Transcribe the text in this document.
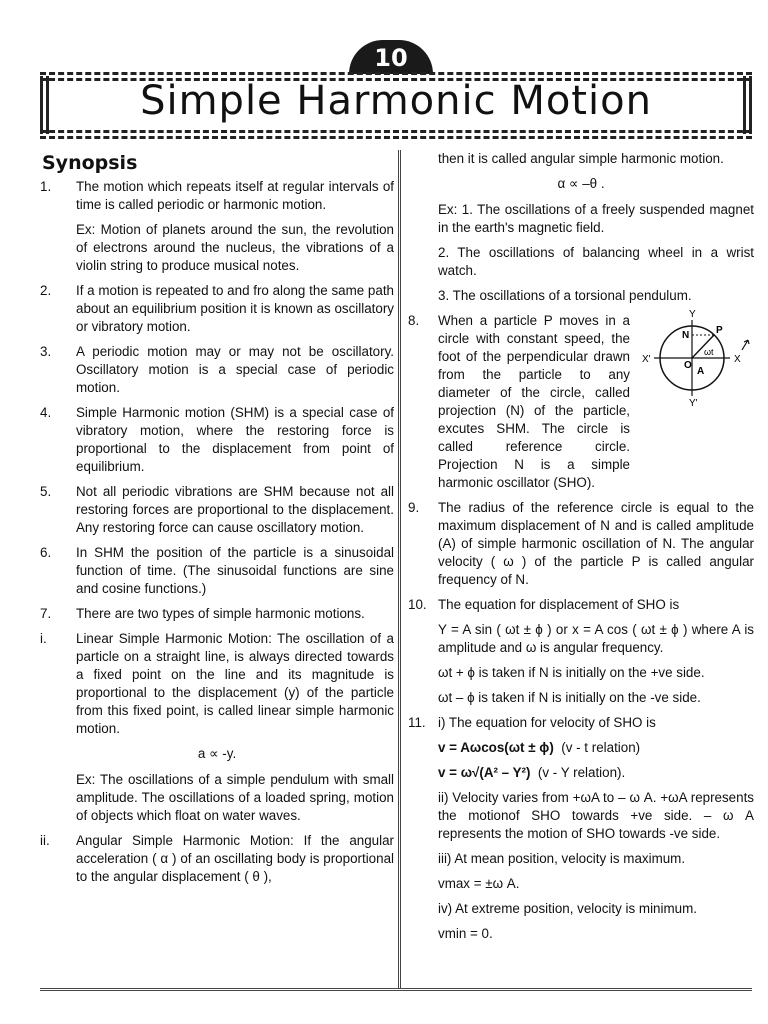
10
Simple Harmonic Motion
Synopsis
1.	The motion which repeats itself at regular intervals of time is called periodic or harmonic motion.
Ex: Motion of planets around the sun, the revolution of electrons around the nucleus, the vibrations of a violin string to produce musical notes.
2.	If a motion is repeated to and fro along the same path about an equilibrium position it is known as oscillatory or vibratory motion.
3.	A periodic motion may or may not be oscillatory. Oscillatory motion is a special case of periodic motion.
4.	Simple Harmonic motion (SHM) is a special case of vibratory motion, where the restoring force is proportional to the displacement from point of equilibrium.
5.	Not all periodic vibrations are SHM because not all restoring forces are proportional to the displacement. Any restoring force can cause oscillatory motion.
6.	In SHM the position of the particle is a sinusoidal function of time. (The sinusoidal functions are sine and cosine functions.)
7.	There are two types of simple harmonic motions.
i.	Linear Simple Harmonic Motion: The oscillation of a particle on a straight line, is always directed towards a fixed point on the line and its magnitude is proportional to the displacement (y) of the particle from this fixed point, is called linear simple harmonic motion.
a ∝ -y.
Ex: The oscillations of a simple pendulum with small amplitude. The oscillations of a loaded spring, motion of objects which float on water waves.
ii.	Angular Simple Harmonic Motion: If the angular acceleration ( α ) of an oscillating body is proportional to the angular displacement ( θ ),
then it is called angular simple harmonic motion.
α ∝ –θ .
Ex: 1. The oscillations of a freely suspended magnet in the earth's magnetic field.
2. The oscillations of balancing wheel in a wrist watch.
3. The oscillations of a torsional pendulum.
Y
Y'
X
X'
N	P
O
A
ωt
8.	When a particle P moves in a circle with constant speed, the foot of the perpendicular drawn from the particle to any diameter of the circle, called projection (N) of the particle, excutes SHM. The circle is called reference circle. Projection N is a simple harmonic oscillator (SHO).
9.	The radius of the reference circle is equal to the maximum displacement of N and is called amplitude (A) of simple harmonic oscillation of N. The angular velocity ( ω ) of the particle P is called angular frequency of N.
10. The equation for displacement of SHO is
Y = A sin ( ωt ± ϕ ) or x = A cos ( ωt ± ϕ ) where A is amplitude and ω is angular frequency.
ωt + ϕ is taken if N is initially on the +ve side.
ωt – ϕ is taken if N is initially on the -ve side.
11. i) The equation for velocity of SHO is
v = Aωcos(ωt ± ϕ) (v - t relation)
v = ω√(A² – Y²) (v - Y relation).
ii) Velocity varies from +ωA to – ω A. +ωA represents the motionof SHO towards +ve side. – ω A represents the motion of SHO towards -ve side.
iii) At mean position, velocity is maximum.
vmax = ±ω A.
iv) At extreme position, velocity is minimum.
vmin = 0.
